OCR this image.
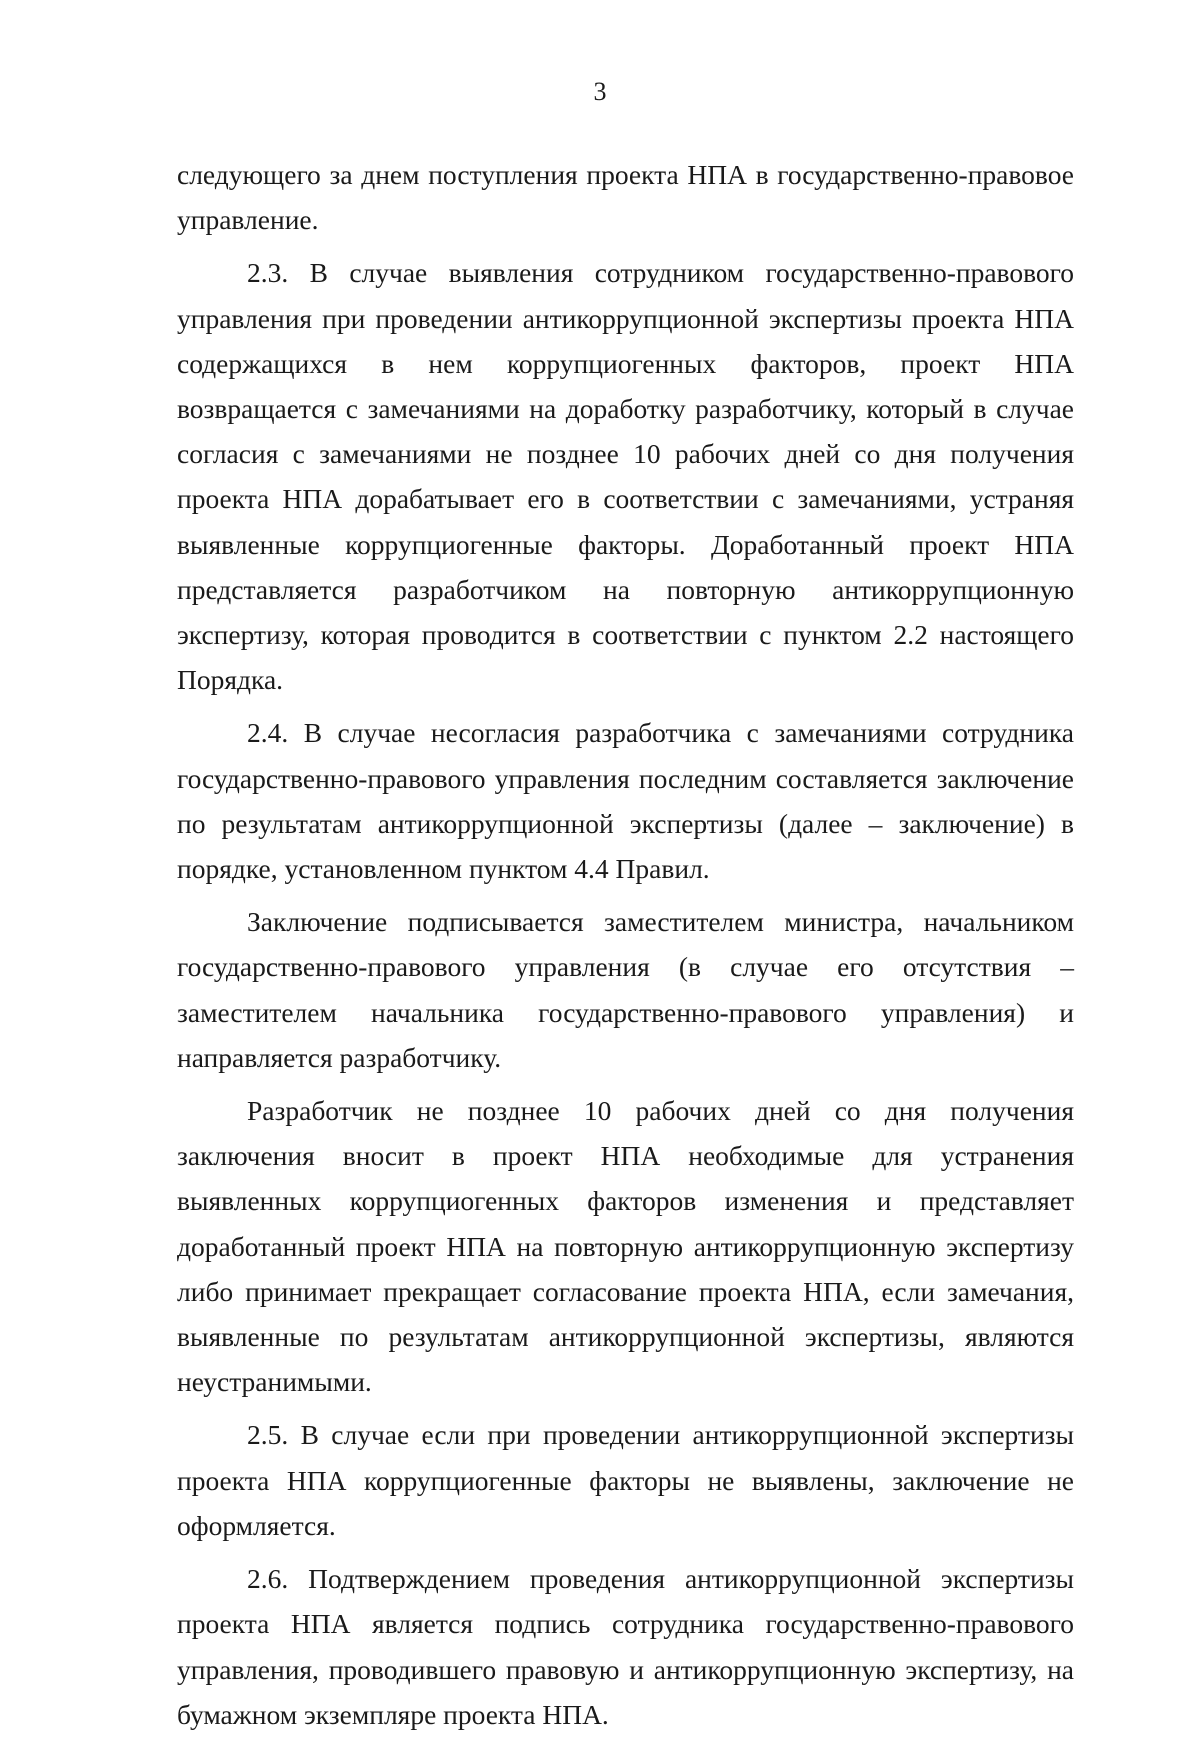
3

следующего за днем поступления проекта НПА в государственно-правовое управление.

2.3. В случае выявления сотрудником государственно-правового управления при проведении антикоррупционной экспертизы проекта НПА содержащихся в нем коррупциогенных факторов, проект НПА возвращается с замечаниями на доработку разработчику, который в случае согласия с замечаниями не позднее 10 рабочих дней со дня получения проекта НПА дорабатывает его в соответствии с замечаниями, устраняя выявленные коррупциогенные факторы. Доработанный проект НПА представляется разработчиком на повторную антикоррупционную экспертизу, которая проводится в соответствии с пунктом 2.2 настоящего Порядка.

2.4. В случае несогласия разработчика с замечаниями сотрудника государственно-правового управления последним составляется заключение по результатам антикоррупционной экспертизы (далее – заключение) в порядке, установленном пунктом 4.4 Правил.

Заключение подписывается заместителем министра, начальником государственно-правового управления (в случае его отсутствия – заместителем начальника государственно-правового управления) и направляется разработчику.

Разработчик не позднее 10 рабочих дней со дня получения заключения вносит в проект НПА необходимые для устранения выявленных коррупциогенных факторов изменения и представляет доработанный проект НПА на повторную антикоррупционную экспертизу либо принимает прекращает согласование проекта НПА, если замечания, выявленные по результатам антикоррупционной экспертизы, являются неустранимыми.

2.5. В случае если при проведении антикоррупционной экспертизы проекта НПА коррупциогенные факторы не выявлены, заключение не оформляется.

2.6. Подтверждением проведения антикоррупционной экспертизы проекта НПА является подпись сотрудника государственно-правового управления, проводившего правовую и антикоррупционную экспертизу, на бумажном экземпляре проекта НПА.
